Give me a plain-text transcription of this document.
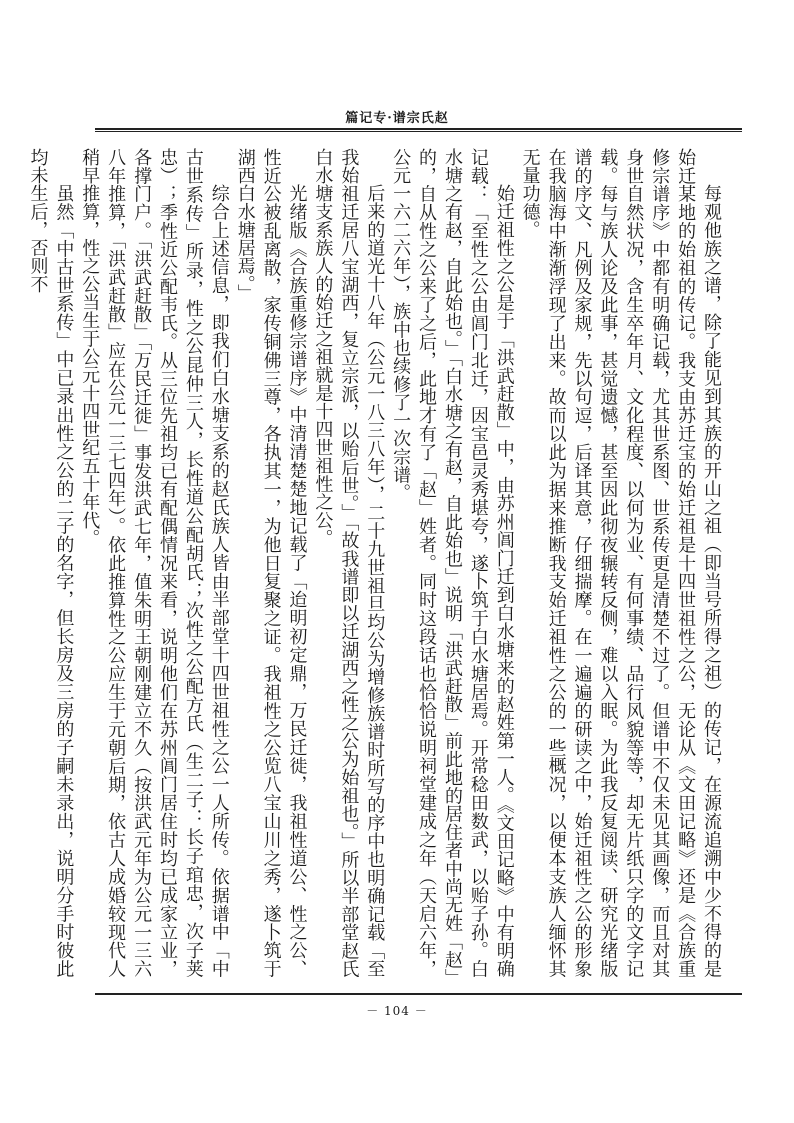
篇记专·谱宗氏赵

每观他族之谱，除了能见到其族的开山之祖（即当号所得之祖）的传记，在源流追溯中少不得的是始迁某地的始祖的传记。我支由苏迁宝的始迁祖是十四世祖性之公，无论从《文田记略》还是《合族重修宗谱序》中都有明确记载，尤其世系图、世系传更是清楚不过了。但谱中不仅未见其画像，而且对其身世自然状况，含生卒年月、文化程度、以何为业、有何事绩、品行风貌等等，却无片纸只字的文字记载。每与族人论及此事，甚觉遗憾，甚至因此彻夜辗转反侧，难以入眠。为此我反复阅读、研究光绪版谱的序文、凡例及家规，先以句逗，后译其意，仔细揣摩。在一遍遍的研读之中，始迁祖性之公的形象在我脑海中渐渐浮现了出来。故而以此为据来推断我支始迁祖性之公的一些概况，以便本支族人缅怀其无量功德。

始迁祖性之公是于「洪武赶散」中，由苏州阊门迁到白水塘来的赵姓第一人。《文田记略》中有明确记载：「至性之公由阊门北迁，因宝邑灵秀堪夸，遂卜筑于白水塘居焉。开常稔田数武，以贻子孙。白水塘之有赵，自此始也。」「白水塘之有赵，自此始也」说明「洪武赶散」前此地的居住者中尚无姓「赵」的，自从性之公来了之后，此地才有了「赵」姓者。同时这段话也恰恰说明祠堂建成之年（天启六年，公元一六二六年），族中也续修了一次宗谱。

后来的道光十八年（公元一八三八年），二十九世祖旦均公为增修族谱时所写的序中也明确记载「至我始祖迁居八宝湖西，复立宗派，以贻后世。」「故我谱即以迁湖西之性之公为始祖也。」所以半部堂赵氏白水塘支系族人的始迁之祖就是十四世祖性之公。

光绪版《合族重修宗谱序》中清清楚楚地记载了「迨明初定鼎，万民迁徙，我祖性道公、性之公、性近公被乱离散，家传铜佛三尊，各执其一，为他日复聚之证。我祖性之公览八宝山川之秀，遂卜筑于湖西白水塘居焉。」

综合上述信息，即我们白水塘支系的赵氏族人皆由半部堂十四世祖性之公一人所传。依据谱中「中古世系传」所录，性之公昆仲三人，长性道公配胡氏；次性之公配方氏（生二子：长子琯忠，次子荚忠）；季性近公配韦氏。从三位先祖均已有配偶情况来看，说明他们在苏州阊门居住时均已成家立业，各撑门户。「洪武赶散」「万民迁徙」事发洪武七年，值朱明王朝刚建立不久（按洪武元年为公元一三六八年推算，「洪武赶散」应在公元一三七四年）。依此推算性之公应生于元朝后期，依古人成婚较现代人稍早推算，性之公当生于公元十四世纪五十年代。

虽然「中古世系传」中已录出性之公的二子的名字，但长房及三房的子嗣未录出，说明分手时彼此均未生后，否则不

－ 104 －
